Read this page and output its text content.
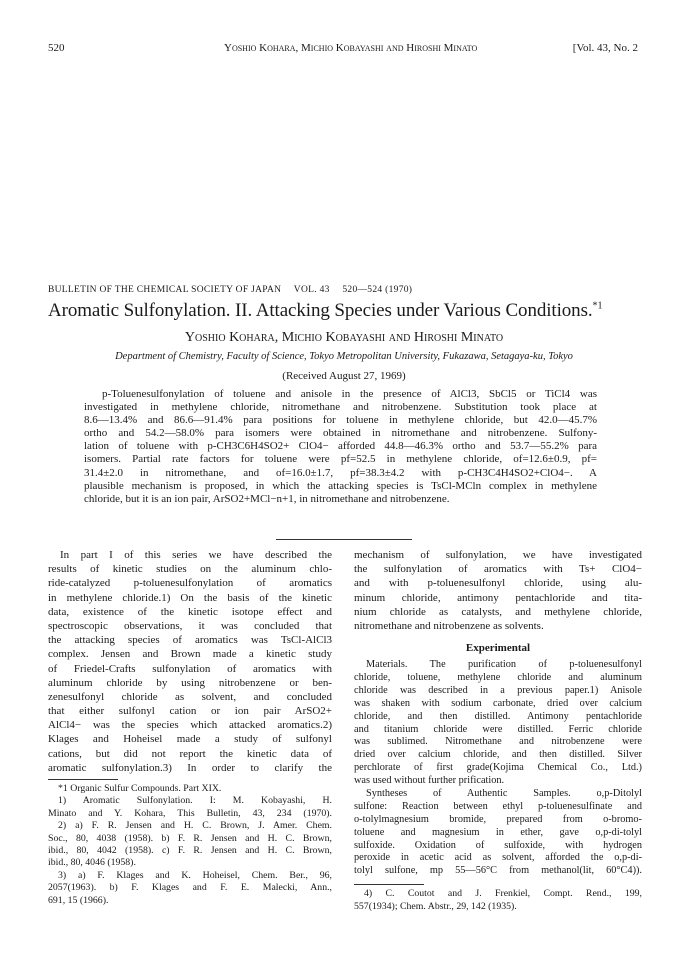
520	Yoshio Kohara, Michio Kobayashi and Hiroshi Minato	[Vol. 43, No. 2
BULLETIN OF THE CHEMICAL SOCIETY OF JAPAN VOL. 43 520—524 (1970)
Aromatic Sulfonylation. II. Attacking Species under Various Conditions.$^{*1}$
Yoshio Kohara, Michio Kobayashi and Hiroshi Minato
Department of Chemistry, Faculty of Science, Tokyo Metropolitan University, Fukazawa, Setagaya-ku, Tokyo
(Received August 27, 1969)
p-Toluenesulfonylation of toluene and anisole in the presence of AlCl3, SbCl5 or TiCl4 was
investigated in methylene chloride, nitromethane and nitrobenzene. Substitution took place at
8.6—13.4% and 86.6—91.4% para positions for toluene in methylene chloride, but 42.0—45.7%
ortho and 54.2—58.0% para isomers were obtained in nitromethane and nitrobenzene. Sulfony-
lation of toluene with p-CH3C6H4SO2+ ClO4− afforded 44.8—46.3% ortho and 53.7—55.2% para
isomers. Partial rate factors for toluene were pf=52.5 in methylene chloride, of=12.6±0.9, pf=
31.4±2.0 in nitromethane, and of=16.0±1.7, pf=38.3±4.2 with p-CH3C4H4SO2+ClO4−. A
plausible mechanism is proposed, in which the attacking species is TsCl-MCln complex in methylene
chloride, but it is an ion pair, ArSO2+MCl−n+1, in nitromethane and nitrobenzene.
In part I of this series we have described the
results of kinetic studies on the aluminum chlo-
ride-catalyzed p-toluenesulfonylation of aromatics
in methylene chloride.1) On the basis of the kinetic
data, existence of the kinetic isotope effect and
spectroscopic observations, it was concluded that
the attacking species of aromatics was TsCl-AlCl3
complex. Jensen and Brown made a kinetic study
of Friedel-Crafts sulfonylation of aromatics with
aluminum chloride by using nitrobenzene or ben-
zenesulfonyl chloride as solvent, and concluded
that either sulfonyl cation or ion pair ArSO2+
AlCl4− was the species which attacked aromatics.2)
Klages and Hoheisel made a study of sulfonyl
cations, but did not report the kinetic data of
aromatic sulfonylation.3) In order to clarify the
*1 Organic Sulfur Compounds. Part XIX.
1) Aromatic Sulfonylation. I: M. Kobayashi, H.
Minato and Y. Kohara, This Bulletin, 43, 234 (1970).
2) a) F. R. Jensen and H. C. Brown, J. Amer. Chem.
Soc., 80, 4038 (1958). b) F. R. Jensen and H. C. Brown,
ibid., 80, 4042 (1958). c) F. R. Jensen and H. C. Brown,
ibid., 80, 4046 (1958).
3) a) F. Klages and K. Hoheisel, Chem. Ber., 96,
2057(1963). b) F. Klages and F. E. Malecki, Ann.,
691, 15 (1966).
mechanism of sulfonylation, we have investigated
the sulfonylation of aromatics with Ts+ ClO4−
and with p-toluenesulfonyl chloride, using alu-
minum chloride, antimony pentachloride and tita-
nium chloride as catalysts, and methylene chloride,
nitromethane and nitrobenzene as solvents.
Experimental
Materials. The purification of p-toluenesulfonyl
chloride, toluene, methylene chloride and aluminum
chloride was described in a previous paper.1) Anisole
was shaken with sodium carbonate, dried over calcium
chloride, and then distilled. Antimony pentachloride
and titanium chloride were distilled. Ferric chloride
was sublimed. Nitromethane and nitrobenzene were
dried over calcium chloride, and then distilled. Silver
perchlorate of first grade(Kojima Chemical Co., Ltd.)
was used without further prification.
Syntheses of Authentic Samples. o,p-Ditolyl
sulfone: Reaction between ethyl p-toluenesulfinate and
o-tolylmagnesium bromide, prepared from o-bromo-
toluene and magnesium in ether, gave o,p-di-tolyl
sulfoxide. Oxidation of sulfoxide, with hydrogen
peroxide in acetic acid as solvent, afforded the o,p-di-
tolyl sulfone, mp 55—56°C from methanol(lit, 60°C4)).
4) C. Coutot and J. Frenkiel, Compt. Rend., 199,
557(1934); Chem. Abstr., 29, 142 (1935).
